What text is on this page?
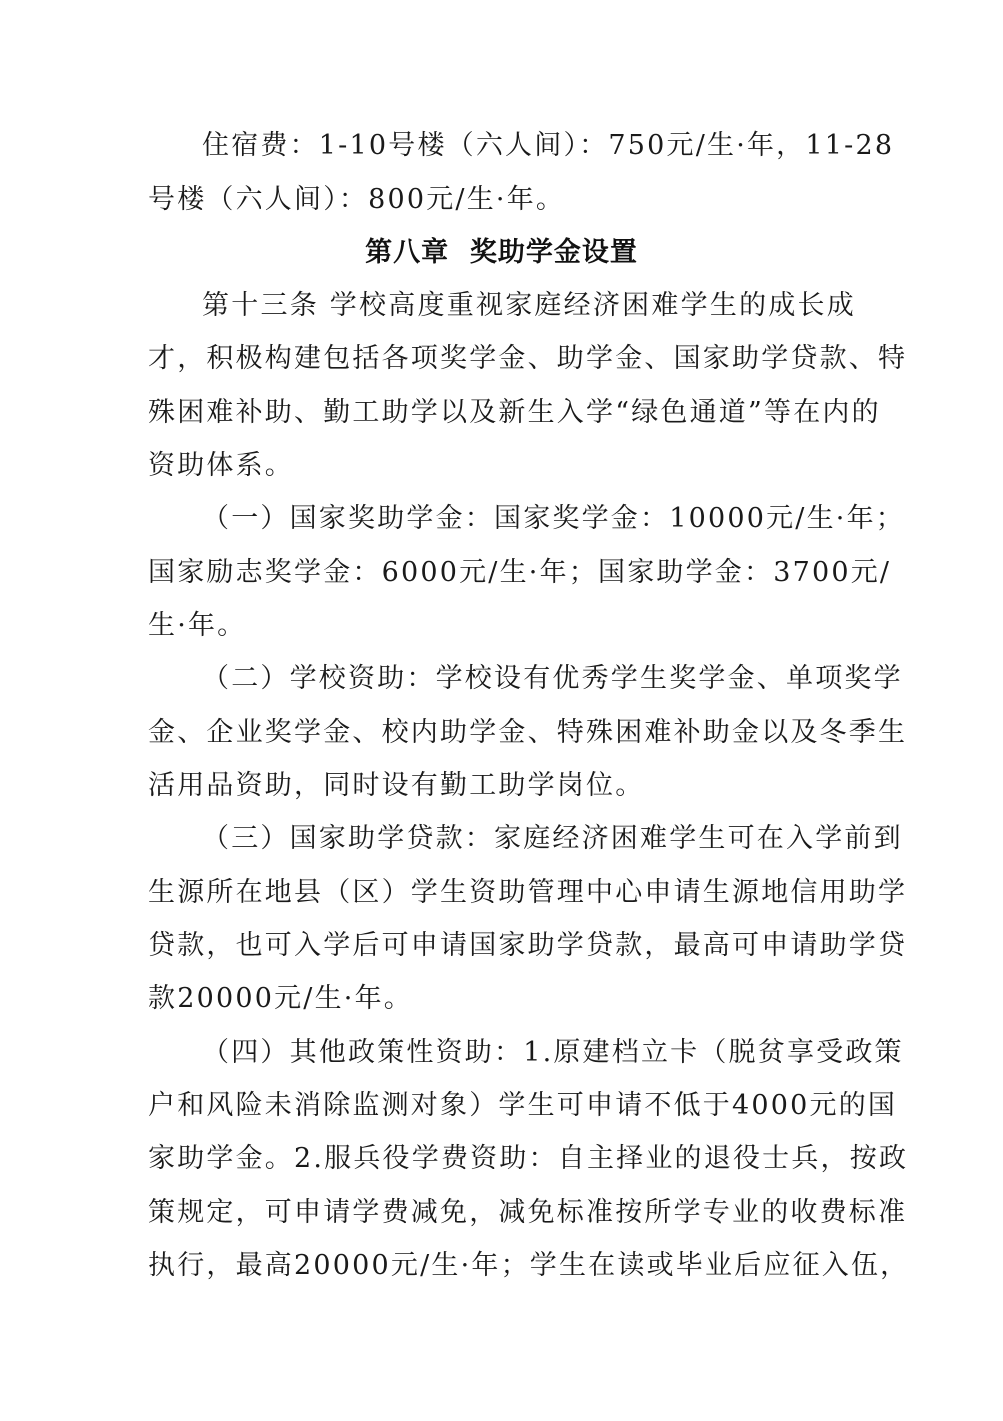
住宿费：1-10号楼（六人间）：750元/生·年，11-28
号楼（六人间）：800元/生·年。
第八章  奖助学金设置
第十三条 学校高度重视家庭经济困难学生的成长成
才，积极构建包括各项奖学金、助学金、国家助学贷款、特
殊困难补助、勤工助学以及新生入学“绿色通道”等在内的
资助体系。
（一）国家奖助学金：国家奖学金：10000元/生·年；
国家励志奖学金：6000元/生·年；国家助学金：3700元/
生·年。
（二）学校资助：学校设有优秀学生奖学金、单项奖学
金、企业奖学金、校内助学金、特殊困难补助金以及冬季生
活用品资助，同时设有勤工助学岗位。
（三）国家助学贷款：家庭经济困难学生可在入学前到
生源所在地县（区）学生资助管理中心申请生源地信用助学
贷款，也可入学后可申请国家助学贷款，最高可申请助学贷
款20000元/生·年。
（四）其他政策性资助：1.原建档立卡（脱贫享受政策
户和风险未消除监测对象）学生可申请不低于4000元的国
家助学金。2.服兵役学费资助：自主择业的退役士兵，按政
策规定，可申请学费减免，减免标准按所学专业的收费标准
执行，最高20000元/生·年；学生在读或毕业后应征入伍，
